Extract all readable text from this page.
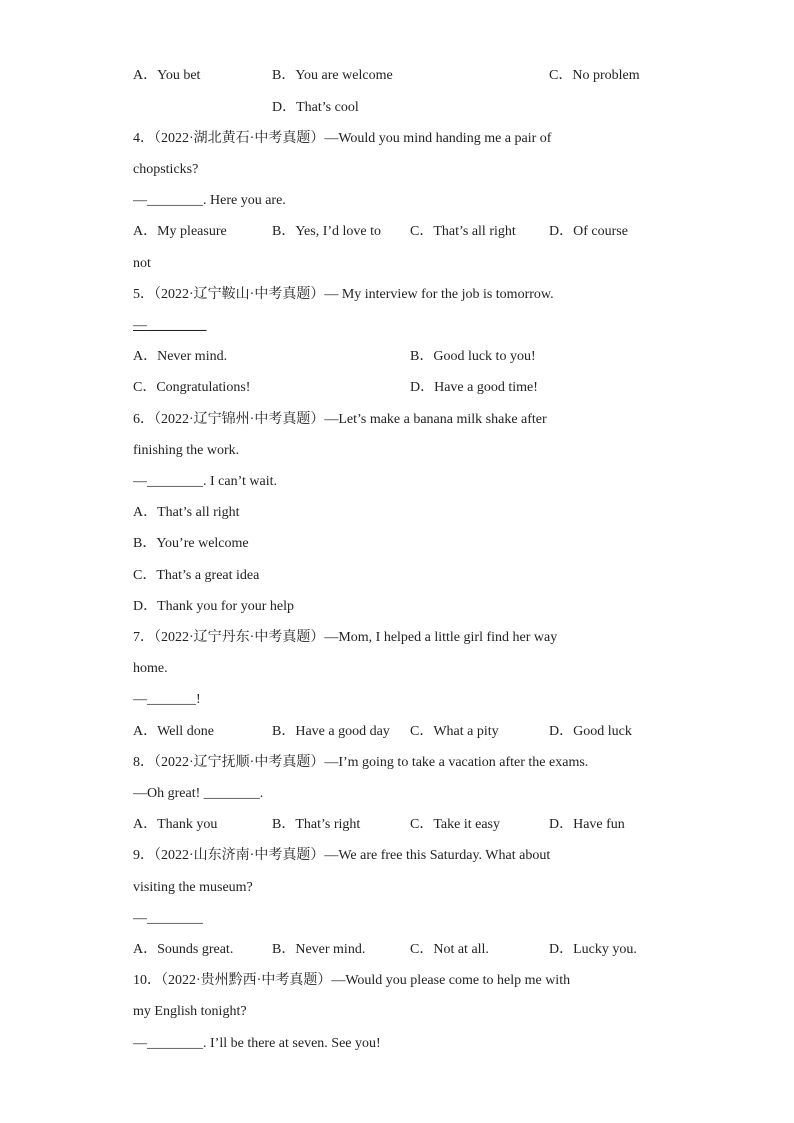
A．You bet	B．You are welcome	C．No problem
D．That’s cool
4．（2022·湖北黄石·中考真题）—Would you mind handing me a pair of
chopsticks?
—________. Here you are.
A．My pleasure	B．Yes, I’d love to C．That’s all right D．Of course
not
5．（2022·辽宁鞍山·中考真题）— My interview for the job is tomorrow.
— ________
A．Never mind.	B．Good luck to you!
C．Congratulations!	D．Have a good time!
6．（2022·辽宁锦州·中考真题）—Let’s make a banana milk shake after
finishing the work.
—________. I can’t wait.
A．That’s all right
B．You’re welcome
C．That’s a great idea
D．Thank you for your help
7．（2022·辽宁丹东·中考真题）—Mom, I helped a little girl find her way
home.
—_______!
A．Well done	B．Have a good day C．What a pity	D．Good luck
8．（2022·辽宁抚顺·中考真题）—I’m going to take a vacation after the exams.
—Oh great! ________.
A．Thank you	B．That’s right	C．Take it easy	D．Have fun
9．（2022·山东济南·中考真题）—We are free this Saturday. What about
visiting the museum?
—________
A．Sounds great.	B．Never mind.	C．Not at all.	D．Lucky you.
10．（2022·贵州黔西·中考真题）—Would you please come to help me with
my English tonight?
—________. I’ll be there at seven. See you!
